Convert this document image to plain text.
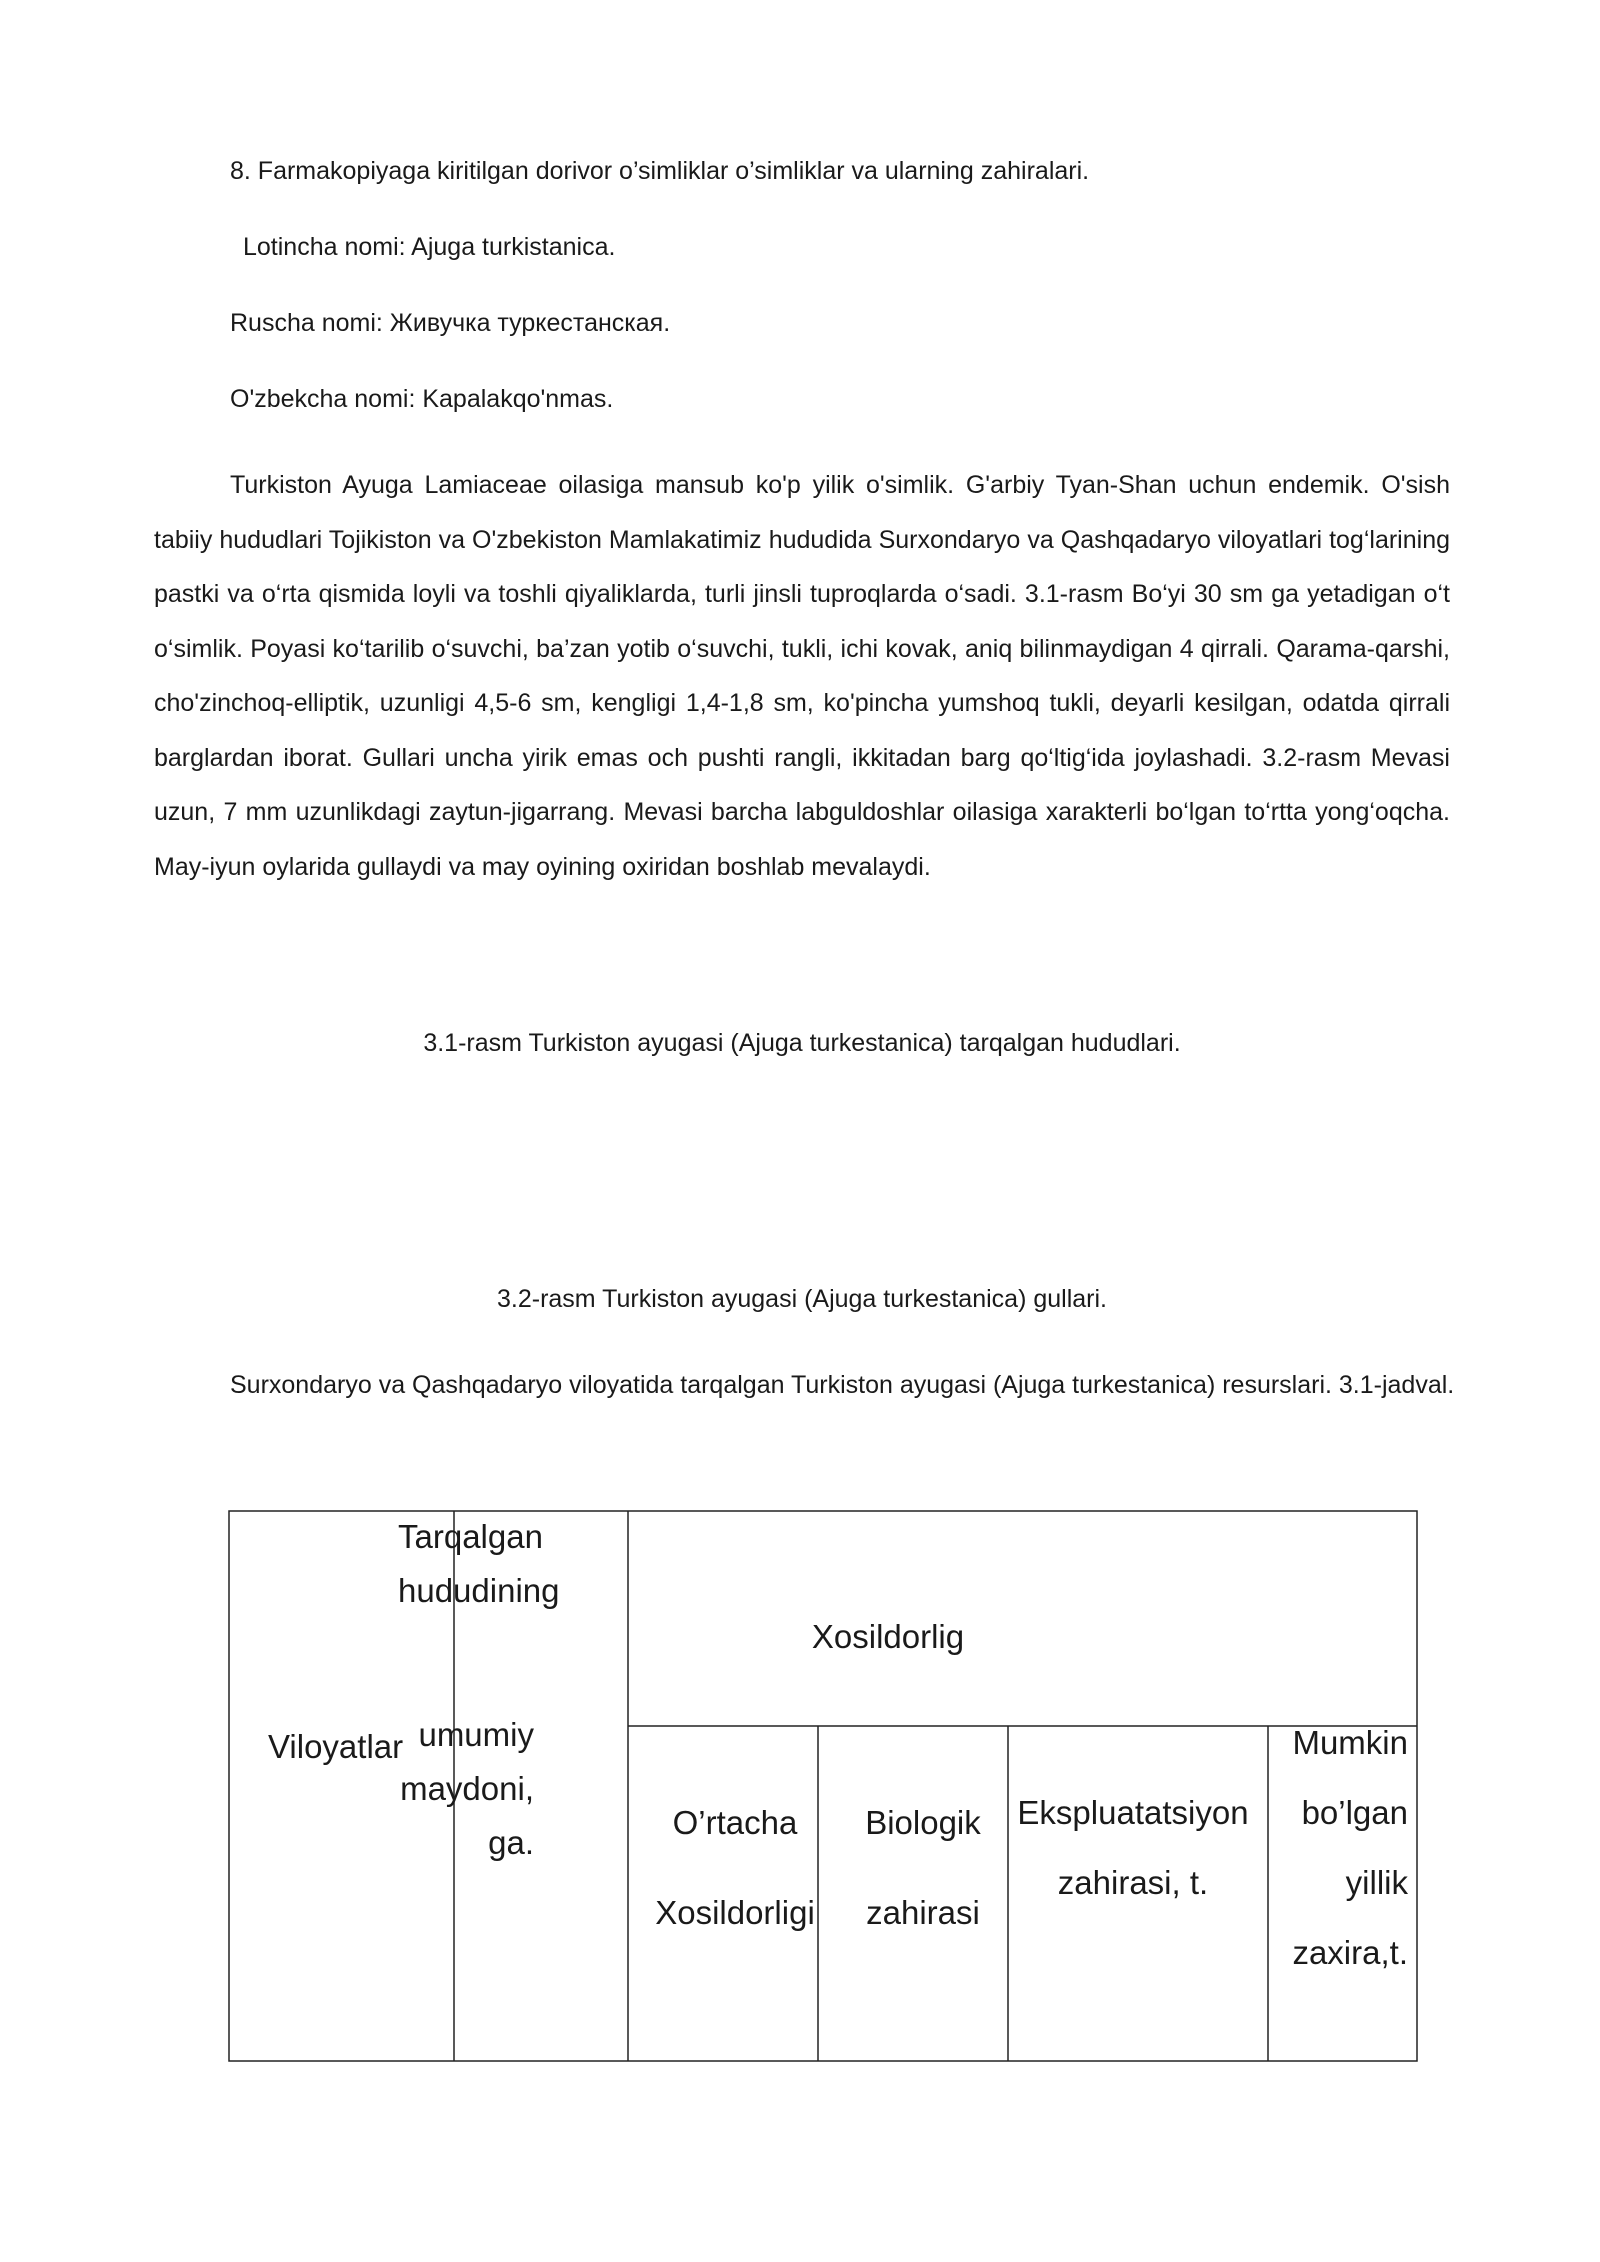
8. Farmakopiyaga kiritilgan dorivor o’simliklar o’simliklar va ularning zahiralari.
Lotincha nomi: Ajuga turkistanica.
Ruscha nomi: Живучка туркестанская.
O'zbekcha nomi: Kapalakqo'nmas.
Turkiston Ayuga Lamiaceae oilasiga mansub ko'p yilik o'simlik. G'arbiy Tyan-Shan uchun endemik. O'sish tabiiy hududlari Tojikiston va O'zbekiston Mamlakatimiz hududida Surxondaryo va Qashqadaryo viloyatlari tog‘larining pastki va o‘rta qismida loyli va toshli qiyaliklarda, turli jinsli tuproqlarda o‘sadi. 3.1-rasm Bo‘yi 30 sm ga yetadigan o‘t o‘simlik. Poyasi ko‘tarilib o‘suvchi, ba’zan yotib o‘suvchi, tukli, ichi kovak, aniq bilinmaydigan 4 qirrali. Qarama-qarshi, cho'zinchoq-elliptik, uzunligi 4,5-6 sm, kengligi 1,4-1,8 sm, ko'pincha yumshoq tukli, deyarli kesilgan, odatda qirrali barglardan iborat. Gullari uncha yirik emas och pushti rangli, ikkitadan barg qo‘ltig‘ida joylashadi. 3.2-rasm Mevasi uzun, 7 mm uzunlikdagi zaytun-jigarrang. Mevasi barcha labguldoshlar oilasiga xarakterli bo‘lgan to‘rtta yong‘oqcha. May-iyun oylarida gullaydi va may oyining oxiridan boshlab mevalaydi.
3.1-rasm Turkiston ayugasi (Ajuga turkestanica) tarqalgan hududlari.
3.2-rasm Turkiston ayugasi (Ajuga turkestanica) gullari.
Surxondaryo va Qashqadaryo viloyatida tarqalgan Turkiston ayugasi (Ajuga turkestanica) resurslari. 3.1-jadval.
Viloyatlar
Tarqalgan hududining
umumiy maydoni, ga.
Xosildorlig
O’rtacha Xosildorligi
Biologik zahirasi
Ekspluatatsiyon zahirasi, t.
Mumkin bo’lgan yillik zaxira,t.
